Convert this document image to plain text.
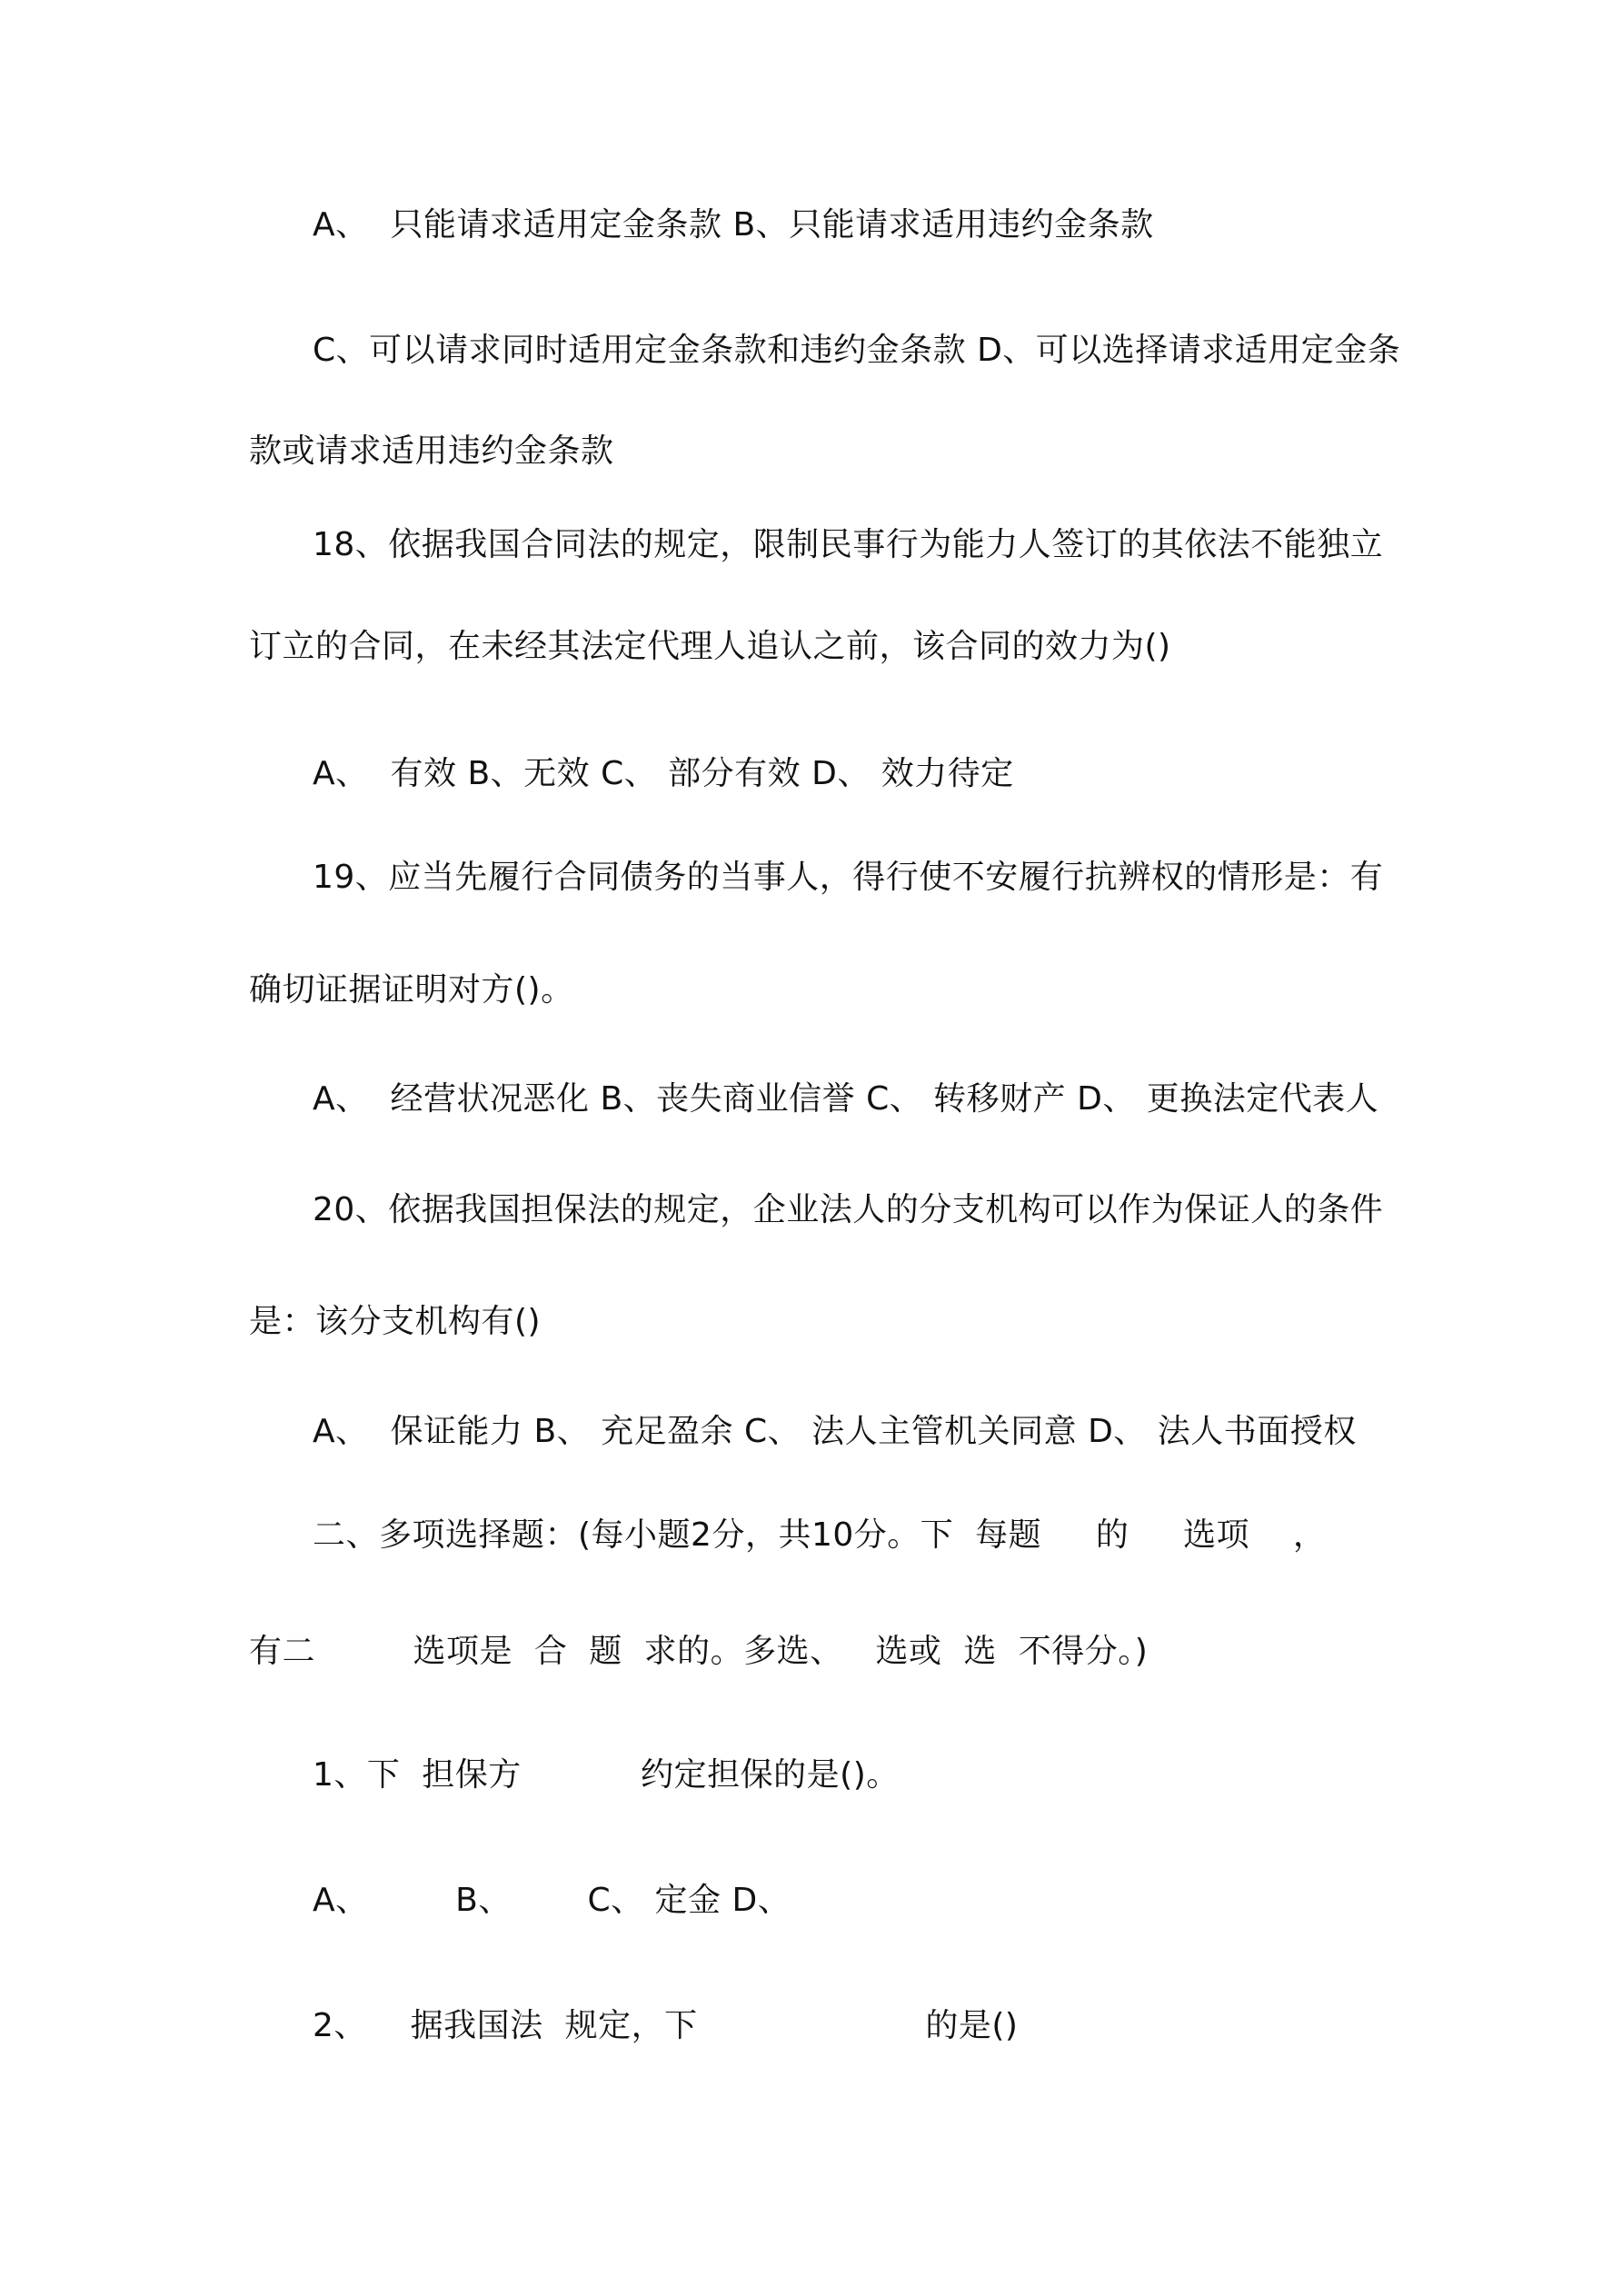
A、  只能请求适用定金条款 B、只能请求适用违约金条款
C、可以请求同时适用定金条款和违约金条款 D、可以选择请求适用定金条
款或请求适用违约金条款
18、依据我国合同法的规定，限制民事行为能力人签订的其依法不能独立
订立的合同，在未经其法定代理人追认之前，该合同的效力为()
A、  有效 B、无效 C、 部分有效 D、 效力待定
19、应当先履行合同债务的当事人，得行使不安履行抗辨权的情形是：有
确切证据证明对方()。
A、  经营状况恶化 B、丧失商业信誉 C、 转移财产 D、 更换法定代表人
20、依据我国担保法的规定，企业法人的分支机构可以作为保证人的条件
是：该分支机构有()
A、  保证能力 B、 充足盈余 C、 法人主管机关同意 D、 法人书面授权
二、多项选择题：(每小题2分，共10分。下  每题     的     选项    ，
有二         选项是  合  题  求的。多选、   选或  选  不得分。)
1、下  担保方           约定担保的是()。
A、        B、       C、 定金 D、
2、    据我国法  规定，下                     的是()
